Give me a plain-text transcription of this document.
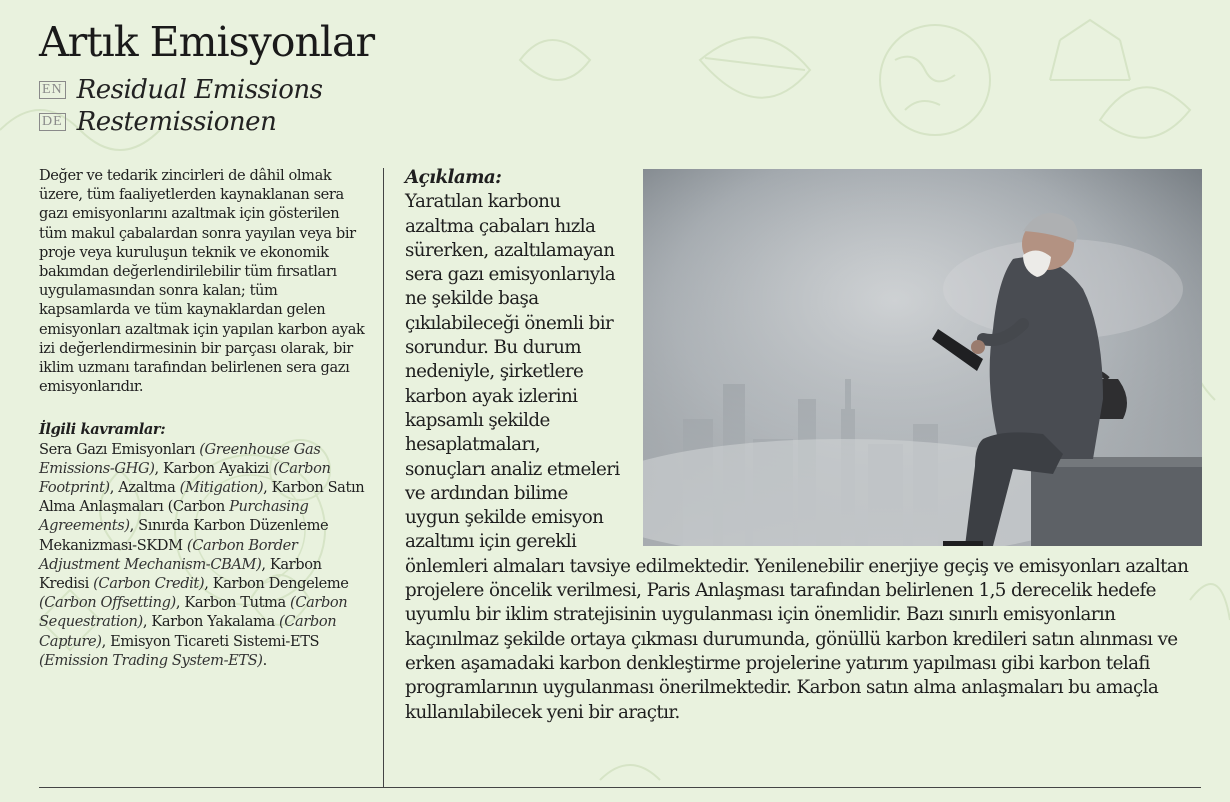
Artık Emisyonlar
EN Residual Emissions
DE Restemissionen

Değer ve tedarik zincirleri de dâhil olmak üzere, tüm faaliyetlerden kaynaklanan sera gazı emisyonlarını azaltmak için gösterilen tüm makul çabalardan sonra yayılan veya bir proje veya kuruluşun teknik ve ekonomik bakımdan değerlendirilebilir tüm fırsatları uygulamasından sonra kalan; tüm kapsamlarda ve tüm kaynaklardan gelen emisyonları azaltmak için yapılan karbon ayak izi değerlendirmesinin bir parçası olarak, bir iklim uzmanı tarafından belirlenen sera gazı emisyonlarıdır.

İlgili kavramlar:

Sera Gazı Emisyonları (Greenhouse Gas Emissions-GHG), Karbon Ayakizi (Carbon Footprint), Azaltma (Mitigation), Karbon Satın Alma Anlaşmaları (Carbon Purchasing Agreements), Sınırda Karbon Düzenleme Mekanizması-SKDM (Carbon Border Adjustment Mechanism-CBAM), Karbon Kredisi (Carbon Credit), Karbon Dengeleme (Carbon Offsetting), Karbon Tutma (Carbon Sequestration), Karbon Yakalama (Carbon Capture), Emisyon Ticareti Sistemi-ETS (Emission Trading System-ETS).

Açıklama:
Yaratılan karbonu azaltma çabaları hızla sürerken, azaltılamayan sera gazı emisyonlarıyla ne şekilde başa çıkılabileceği önemli bir sorundur. Bu durum nedeniyle, şirketlere karbon ayak izlerini kapsamlı şekilde hesaplatmaları, sonuçları analiz etmeleri ve ardından bilime uygun şekilde emisyon azaltımı için gerekli önlemleri almaları tavsiye edilmektedir. Yenilenebilir enerjiye geçiş ve emisyonları azaltan projelere öncelik verilmesi, Paris Anlaşması tarafından belirlenen 1,5 derecelik hedefe uyumlu bir iklim stratejisinin uygulanması için önemlidir. Bazı sınırlı emisyonların kaçınılmaz şekilde ortaya çıkması durumunda, gönüllü karbon kredileri satın alınması ve erken aşamadaki karbon denkleştirme projelerine yatırım yapılması gibi karbon telafi programlarının uygulanması önerilmektedir. Karbon satın alma anlaşmaları bu amaçla kullanılabilecek yeni bir araçtır.
